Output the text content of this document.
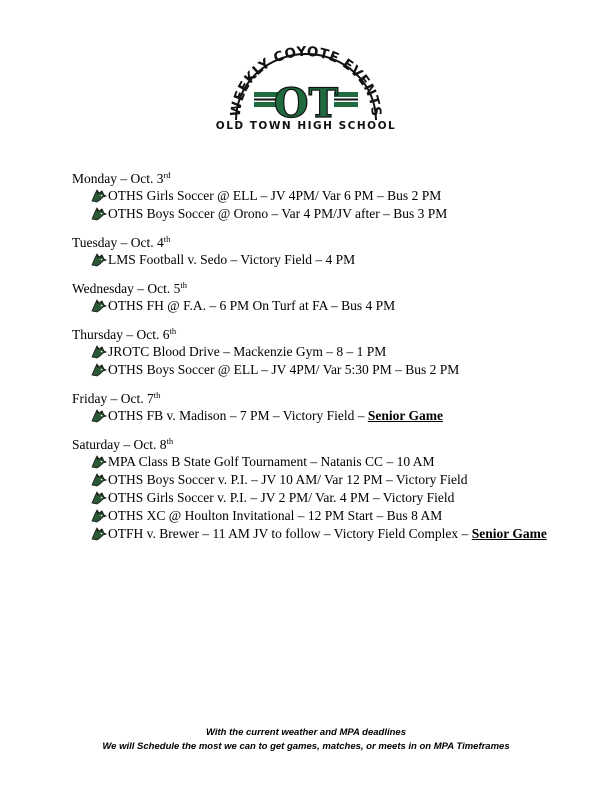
WEEKLY COYOTE EVENTS
OT
OLD TOWN HIGH SCHOOL
Monday – Oct. 3rd
OTHS Girls Soccer @ ELL – JV 4PM/ Var 6 PM – Bus 2 PM
OTHS Boys Soccer @ Orono – Var 4 PM/JV after – Bus 3 PM
Tuesday – Oct. 4th
LMS Football v. Sedo – Victory Field – 4 PM
Wednesday – Oct. 5th
OTHS FH @ F.A. – 6 PM On Turf at FA – Bus 4 PM
Thursday – Oct. 6th
JROTC Blood Drive – Mackenzie Gym – 8 – 1 PM
OTHS Boys Soccer @ ELL – JV 4PM/ Var 5:30 PM – Bus 2 PM
Friday – Oct. 7th
OTHS FB v. Madison – 7 PM – Victory Field – Senior Game
Saturday – Oct. 8th
MPA Class B State Golf Tournament – Natanis CC – 10 AM
OTHS Boys Soccer v. P.I. – JV 10 AM/ Var 12 PM – Victory Field
OTHS Girls Soccer v. P.I. – JV 2 PM/ Var. 4 PM – Victory Field
OTHS XC @ Houlton Invitational – 12 PM Start – Bus 8 AM
OTFH v. Brewer – 11 AM JV to follow – Victory Field Complex – Senior Game
With the current weather and MPA deadlines
We will Schedule the most we can to get games, matches, or meets in on MPA Timeframes
